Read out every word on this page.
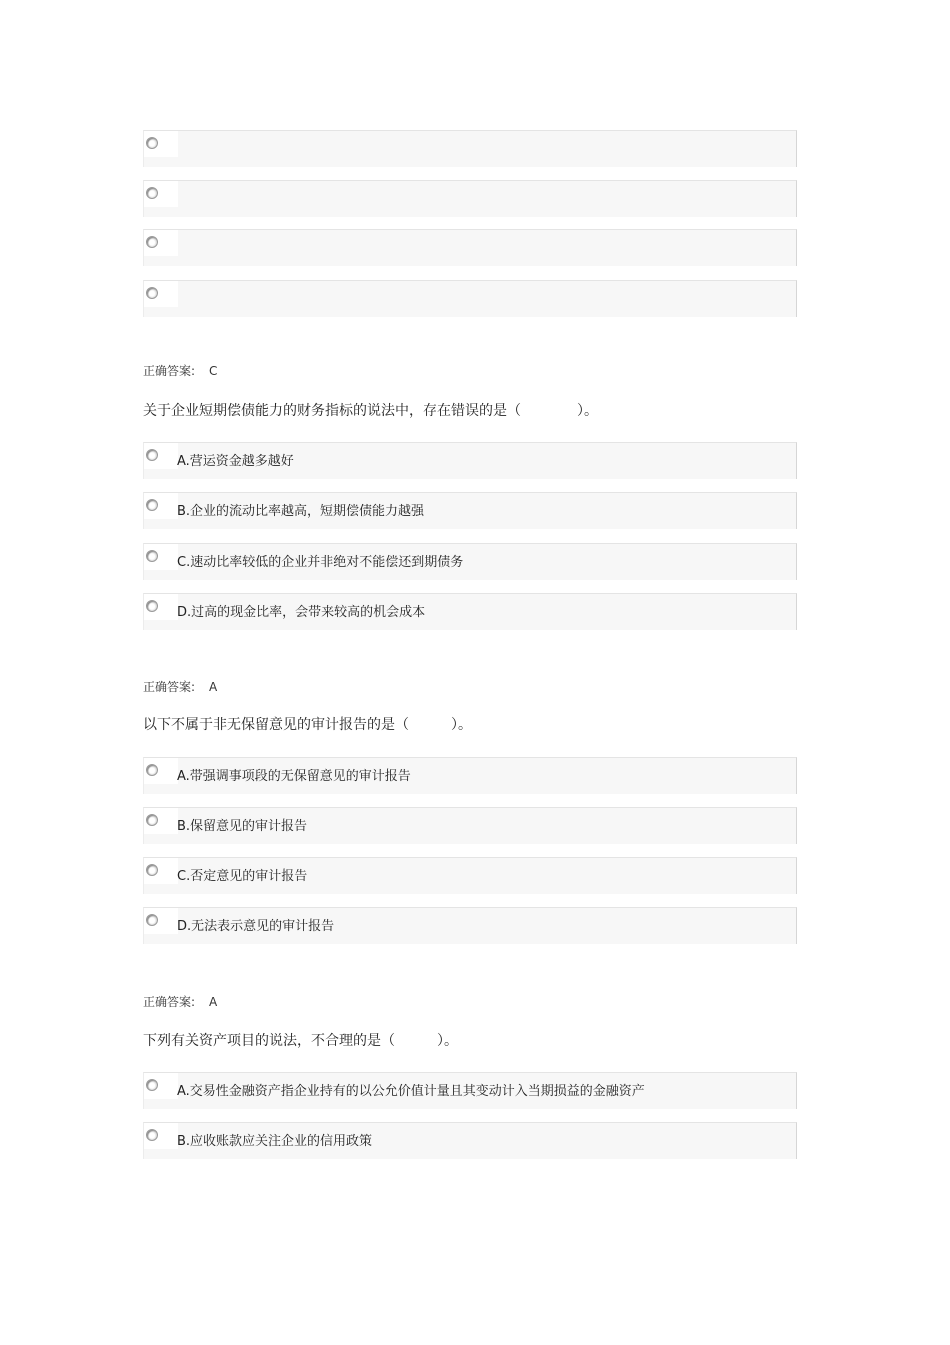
正确答案: C
关于企业短期偿债能力的财务指标的说法中，存在错误的是（　　　　）。
A.营运资金越多越好
B.企业的流动比率越高，短期偿债能力越强
C.速动比率较低的企业并非绝对不能偿还到期债务
D.过高的现金比率，会带来较高的机会成本
正确答案: A
以下不属于非无保留意见的审计报告的是（　　　）。
A.带强调事项段的无保留意见的审计报告
B.保留意见的审计报告
C.否定意见的审计报告
D.无法表示意见的审计报告
正确答案: A
下列有关资产项目的说法，不合理的是（　　　）。
A.交易性金融资产指企业持有的以公允价值计量且其变动计入当期损益的金融资产
B.应收账款应关注企业的信用政策
